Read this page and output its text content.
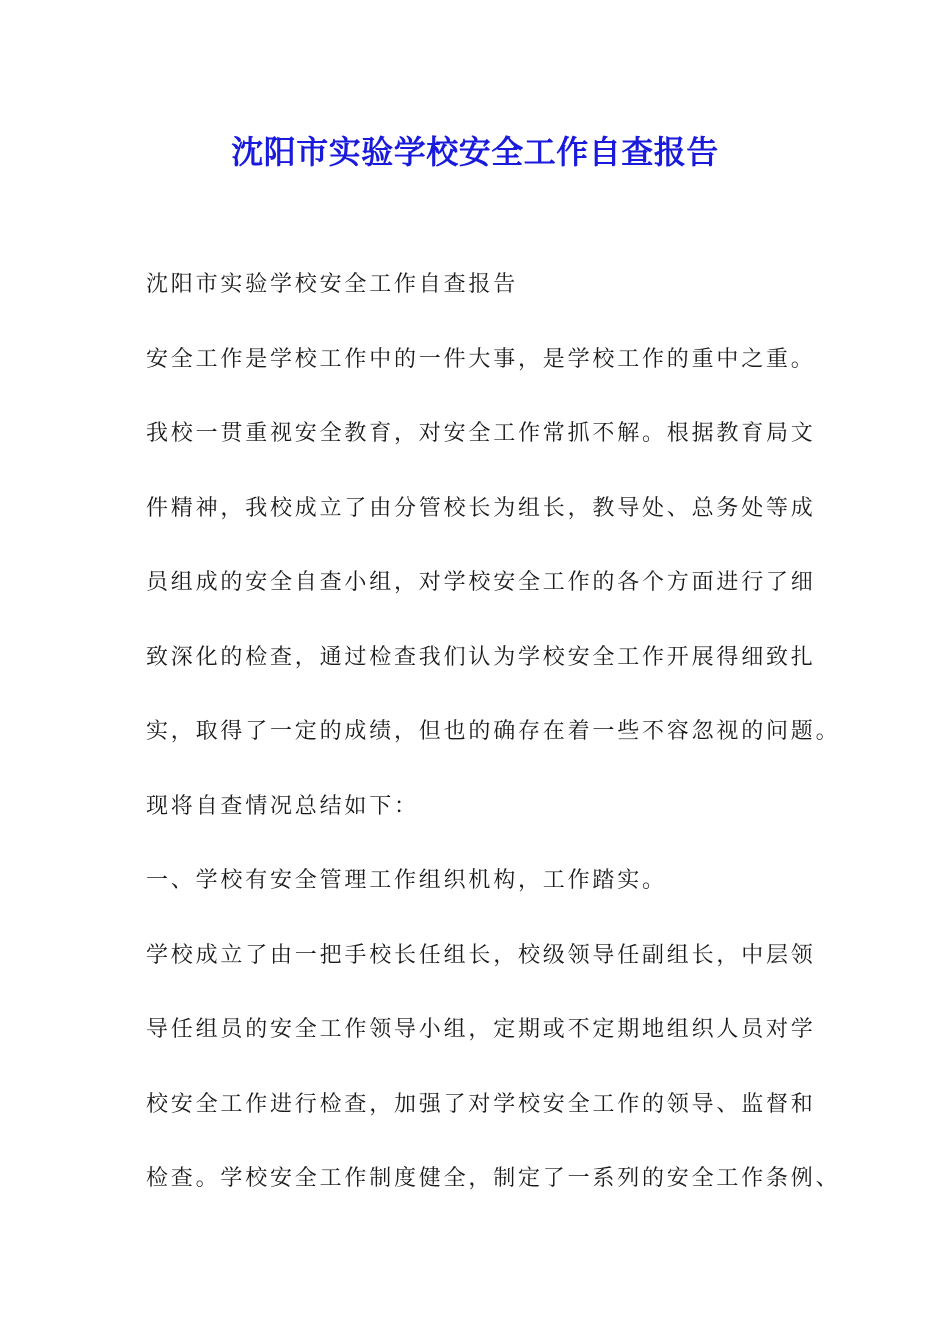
沈阳市实验学校安全工作自查报告

沈阳市实验学校安全工作自查报告

安全工作是学校工作中的一件大事，是学校工作的重中之重。

我校一贯重视安全教育，对安全工作常抓不解。根据教育局文

件精神，我校成立了由分管校长为组长，教导处、总务处等成

员组成的安全自查小组，对学校安全工作的各个方面进行了细

致深化的检查，通过检查我们认为学校安全工作开展得细致扎

实，取得了一定的成绩，但也的确存在着一些不容忽视的问题。

现将自查情况总结如下：

一、学校有安全管理工作组织机构，工作踏实。

学校成立了由一把手校长任组长，校级领导任副组长，中层领

导任组员的安全工作领导小组，定期或不定期地组织人员对学

校安全工作进行检查，加强了对学校安全工作的领导、监督和

检查。学校安全工作制度健全，制定了一系列的安全工作条例、
